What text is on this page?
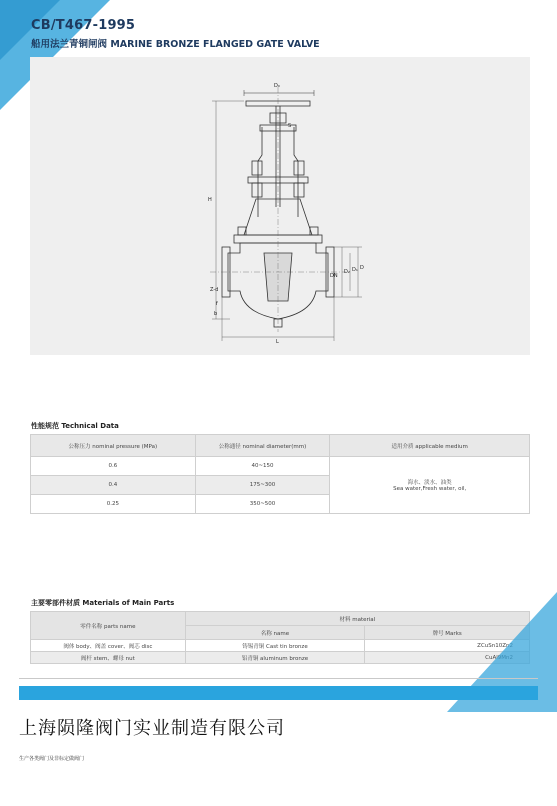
CB/T467-1995
船用法兰青铜闸阀 MARINE BRONZE FLANGED GATE VALVE
D₀
S
H
L
D
D₁
D₂
DN
b
Z-d
f
性能规范 Technical Data
公称压力 nominal pressure (MPa)	公称通径 nominal diameter(mm)	适用介质 applicable medium
0.6	40~150	海水、淡水、油类
Sea water,Fresh water, oil,

0.4	175~300	
0.25	350~500	
主要零部件材质 Materials of Main Parts
零件名称 parts name	材料 material	
	名称 name	牌号 Marks
阀体 body、阀盖 cover、阀芯 disc	铸锡青铜 Cast tin bronze	ZCuSn10Zn2
阀杆 stem、螺母 nut	铝青铜 aluminum bronze	CuAl9Mn2
上海陨隆阀门实业制造有限公司
生产各类阀门及非标定做阀门
